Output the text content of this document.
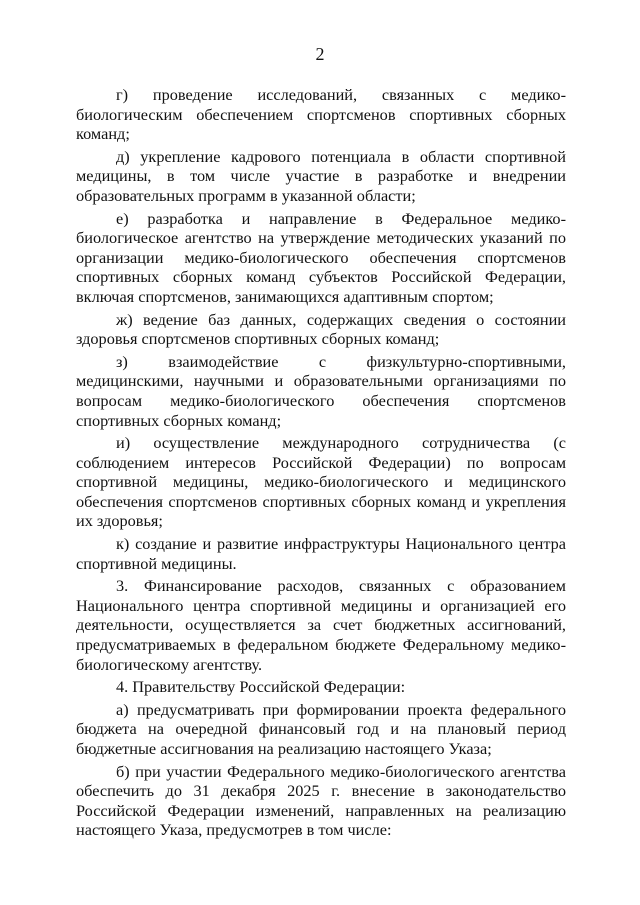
2

г) проведение исследований, связанных с медико-биологическим обеспечением спортсменов спортивных сборных команд;

д) укрепление кадрового потенциала в области спортивной медицины, в том числе участие в разработке и внедрении образовательных программ в указанной области;

е) разработка и направление в Федеральное медико-биологическое агентство на утверждение методических указаний по организации медико-биологического обеспечения спортсменов спортивных сборных команд субъектов Российской Федерации, включая спортсменов, занимающихся адаптивным спортом;

ж) ведение баз данных, содержащих сведения о состоянии здоровья спортсменов спортивных сборных команд;

з) взаимодействие с физкультурно-спортивными, медицинскими, научными и образовательными организациями по вопросам медико-биологического обеспечения спортсменов спортивных сборных команд;

и) осуществление международного сотрудничества (с соблюдением интересов Российской Федерации) по вопросам спортивной медицины, медико-биологического и медицинского обеспечения спортсменов спортивных сборных команд и укрепления их здоровья;

к) создание и развитие инфраструктуры Национального центра спортивной медицины.

3. Финансирование расходов, связанных с образованием Национального центра спортивной медицины и организацией его деятельности, осуществляется за счет бюджетных ассигнований, предусматриваемых в федеральном бюджете Федеральному медико-биологическому агентству.

4. Правительству Российской Федерации:

а) предусматривать при формировании проекта федерального бюджета на очередной финансовый год и на плановый период бюджетные ассигнования на реализацию настоящего Указа;

б) при участии Федерального медико-биологического агентства обеспечить до 31 декабря 2025 г. внесение в законодательство Российской Федерации изменений, направленных на реализацию настоящего Указа, предусмотрев в том числе:
